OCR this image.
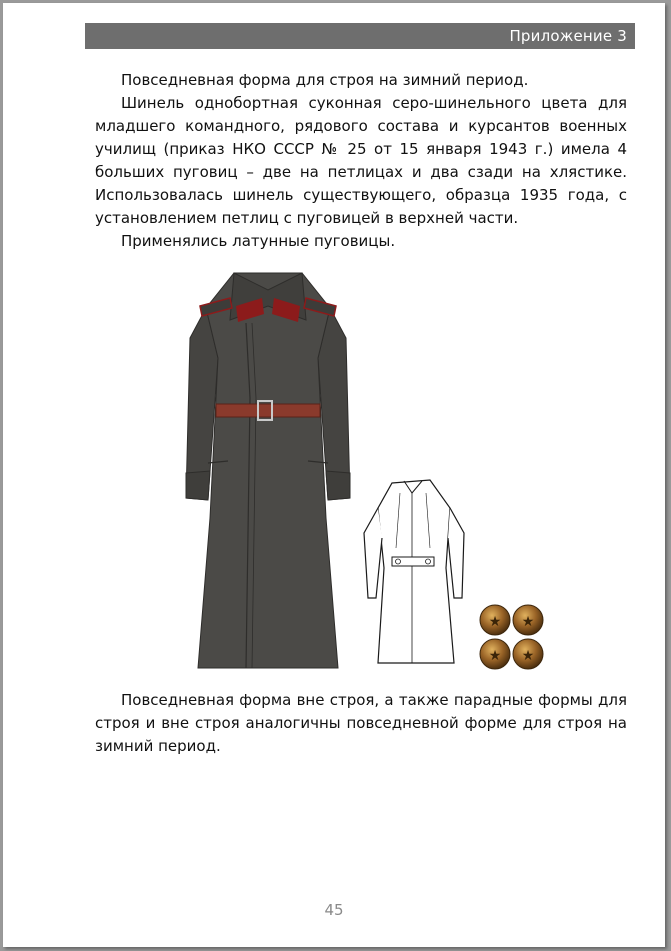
Приложение 3

Повседневная форма для строя на зимний период.

Шинель однобортная суконная серо-шинельного цвета для младшего командного, рядового состава и курсантов военных училищ (приказ НКО СССР № 25 от 15 января 1943 г.) имела 4 больших пуговиц – две на петлицах и два сзади на хлястике. Использовалась шинель существующего, образца 1935 года, с установлением петлиц с пуговицей в верхней части.

Применялись латунные пуговицы.

★ ★
★ ★

Повседневная форма вне строя, а также парадные формы для строя и вне строя аналогичны повседневной форме для строя на зимний период.

45
